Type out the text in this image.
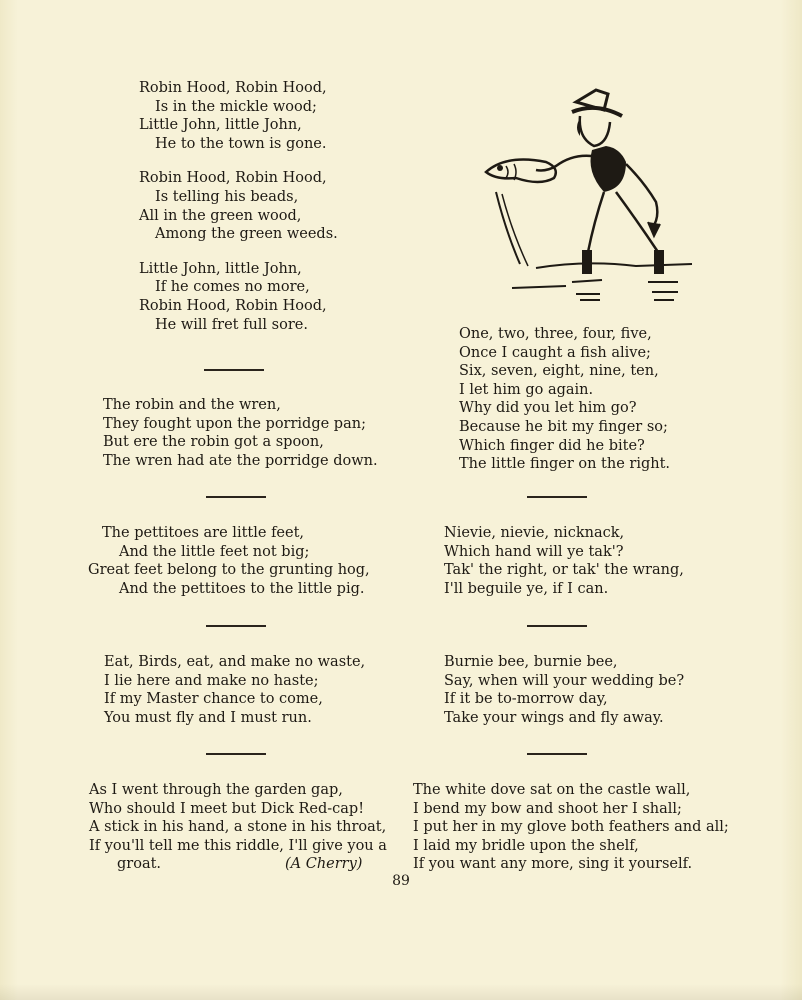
Robin Hood, Robin Hood,
Is in the mickle wood;
Little John, little John,
He to the town is gone.
Robin Hood, Robin Hood,
Is telling his beads,
All in the green wood,
Among the green weeds.
Little John, little John,
If he comes no more,
Robin Hood, Robin Hood,
He will fret full sore.
The robin and the wren,
They fought upon the porridge pan;
But ere the robin got a spoon,
The wren had ate the porridge down.
One, two, three, four, five,
Once I caught a fish alive;
Six, seven, eight, nine, ten,
I let him go again.
Why did you let him go?
Because he bit my finger so;
Which finger did he bite?
The little finger on the right.
The pettitoes are little feet,
And the little feet not big;
Great feet belong to the grunting hog,
And the pettitoes to the little pig.
Nievie, nievie, nicknack,
Which hand will ye tak'?
Tak' the right, or tak' the wrang,
I'll beguile ye, if I can.
Eat, Birds, eat, and make no waste,
I lie here and make no haste;
If my Master chance to come,
You must fly and I must run.
Burnie bee, burnie bee,
Say, when will your wedding be?
If it be to-morrow day,
Take your wings and fly away.
As I went through the garden gap,
Who should I meet but Dick Red-cap!
A stick in his hand, a stone in his throat,
If you'll tell me this riddle, I'll give you a
groat.	(A Cherry)
The white dove sat on the castle wall,
I bend my bow and shoot her I shall;
I put her in my glove both feathers and all;
I laid my bridle upon the shelf,
If you want any more, sing it yourself.
89
